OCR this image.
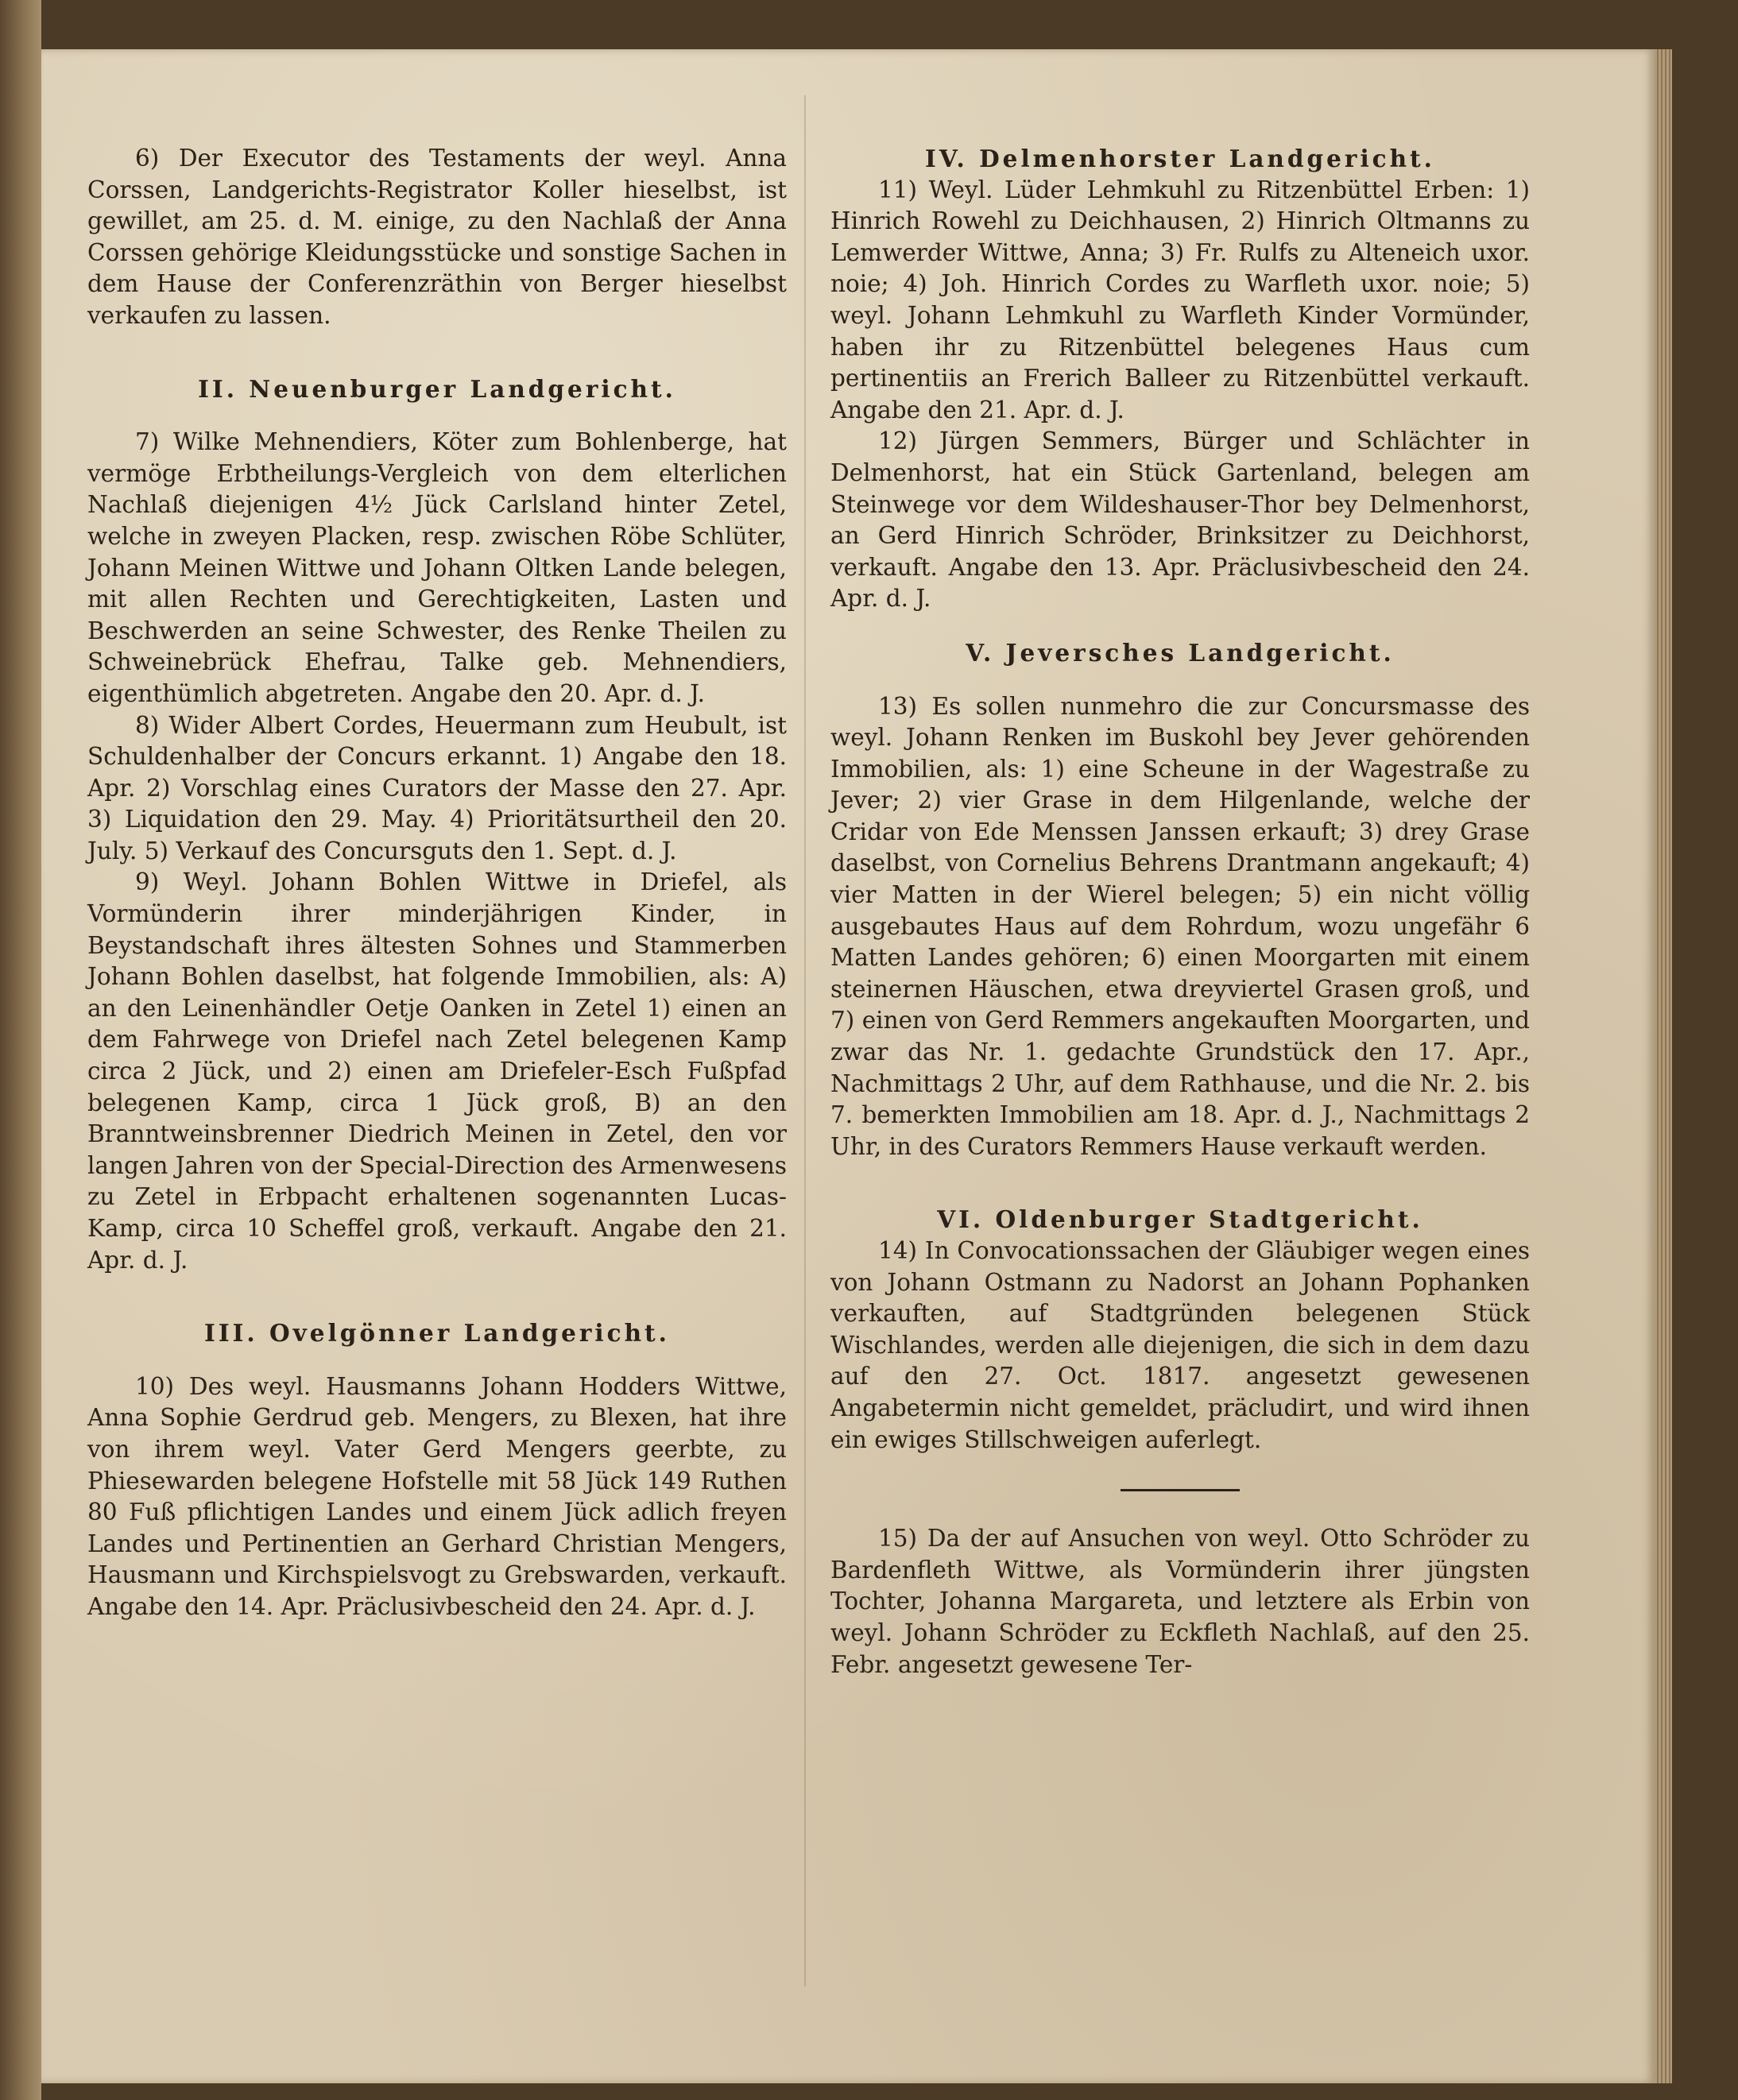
6) Der Executor des Testaments der weyl. Anna Corssen, Landgerichts-Registrator Koller hieselbst, ist gewillet, am 25. d. M. einige, zu den Nachlaß der Anna Corssen gehörige Kleidungsstücke und sonstige Sachen in dem Hause der Conferenzräthin von Berger hieselbst verkaufen zu lassen.

II. Neuenburger Landgericht.

7) Wilke Mehnendiers, Köter zum Bohlenberge, hat vermöge Erbtheilungs-Vergleich von dem elterlichen Nachlaß diejenigen 4½ Jück Carlsland hinter Zetel, welche in zweyen Placken, resp. zwischen Röbe Schlüter, Johann Meinen Wittwe und Johann Oltken Lande belegen, mit allen Rechten und Gerechtigkeiten, Lasten und Beschwerden an seine Schwester, des Renke Theilen zu Schweinebrück Ehefrau, Talke geb. Mehnendiers, eigenthümlich abgetreten. Angabe den 20. Apr. d. J.

8) Wider Albert Cordes, Heuermann zum Heubult, ist Schuldenhalber der Concurs erkannt. 1) Angabe den 18. Apr. 2) Vorschlag eines Curators der Masse den 27. Apr. 3) Liquidation den 29. May. 4) Prioritätsurtheil den 20. July. 5) Verkauf des Concursguts den 1. Sept. d. J.

9) Weyl. Johann Bohlen Wittwe in Driefel, als Vormünderin ihrer minderjährigen Kinder, in Beystandschaft ihres ältesten Sohnes und Stammerben Johann Bohlen daselbst, hat folgende Immobilien, als: A) an den Leinenhändler Oetje Oanken in Zetel 1) einen an dem Fahrwege von Driefel nach Zetel belegenen Kamp circa 2 Jück, und 2) einen am Driefeler-Esch Fußpfad belegenen Kamp, circa 1 Jück groß, B) an den Branntweinsbrenner Diedrich Meinen in Zetel, den vor langen Jahren von der Special-Direction des Armenwesens zu Zetel in Erbpacht erhaltenen sogenannten Lucas-Kamp, circa 10 Scheffel groß, verkauft. Angabe den 21. Apr. d. J.

III. Ovelgönner Landgericht.

10) Des weyl. Hausmanns Johann Hodders Wittwe, Anna Sophie Gerdrud geb. Mengers, zu Blexen, hat ihre von ihrem weyl. Vater Gerd Mengers geerbte, zu Phiesewarden belegene Hofstelle mit 58 Jück 149 Ruthen 80 Fuß pflichtigen Landes und einem Jück adlich freyen Landes und Pertinentien an Gerhard Christian Mengers, Hausmann und Kirchspielsvogt zu Grebswarden, verkauft. Angabe den 14. Apr. Präclusivbescheid den 24. Apr. d. J.

IV. Delmenhorster Landgericht.

11) Weyl. Lüder Lehmkuhl zu Ritzenbüttel Erben: 1) Hinrich Rowehl zu Deichhausen, 2) Hinrich Oltmanns zu Lemwerder Wittwe, Anna; 3) Fr. Rulfs zu Alteneich uxor. noie; 4) Joh. Hinrich Cordes zu Warfleth uxor. noie; 5) weyl. Johann Lehmkuhl zu Warfleth Kinder Vormünder, haben ihr zu Ritzenbüttel belegenes Haus cum pertinentiis an Frerich Balleer zu Ritzenbüttel verkauft. Angabe den 21. Apr. d. J.

12) Jürgen Semmers, Bürger und Schlächter in Delmenhorst, hat ein Stück Gartenland, belegen am Steinwege vor dem Wildeshauser-Thor bey Delmenhorst, an Gerd Hinrich Schröder, Brinksitzer zu Deichhorst, verkauft. Angabe den 13. Apr. Präclusivbescheid den 24. Apr. d. J.

V. Jeversches Landgericht.

13) Es sollen nunmehro die zur Concursmasse des weyl. Johann Renken im Buskohl bey Jever gehörenden Immobilien, als: 1) eine Scheune in der Wagestraße zu Jever; 2) vier Grase in dem Hilgenlande, welche der Cridar von Ede Menssen Janssen erkauft; 3) drey Grase daselbst, von Cornelius Behrens Drantmann angekauft; 4) vier Matten in der Wierel belegen; 5) ein nicht völlig ausgebautes Haus auf dem Rohrdum, wozu ungefähr 6 Matten Landes gehören; 6) einen Moorgarten mit einem steinernen Häuschen, etwa dreyviertel Grasen groß, und 7) einen von Gerd Remmers angekauften Moorgarten, und zwar das Nr. 1. gedachte Grundstück den 17. Apr., Nachmittags 2 Uhr, auf dem Rathhause, und die Nr. 2. bis 7. bemerkten Immobilien am 18. Apr. d. J., Nachmittags 2 Uhr, in des Curators Remmers Hause verkauft werden.

VI. Oldenburger Stadtgericht.

14) In Convocationssachen der Gläubiger wegen eines von Johann Ostmann zu Nadorst an Johann Pophanken verkauften, auf Stadtgründen belegenen Stück Wischlandes, werden alle diejenigen, die sich in dem dazu auf den 27. Oct. 1817. angesetzt gewesenen Angabetermin nicht gemeldet, präcludirt, und wird ihnen ein ewiges Stillschweigen auferlegt.

15) Da der auf Ansuchen von weyl. Otto Schröder zu Bardenfleth Wittwe, als Vormünderin ihrer jüngsten Tochter, Johanna Margareta, und letztere als Erbin von weyl. Johann Schröder zu Eckfleth Nachlaß, auf den 25. Febr. angesetzt gewesene Ter-
